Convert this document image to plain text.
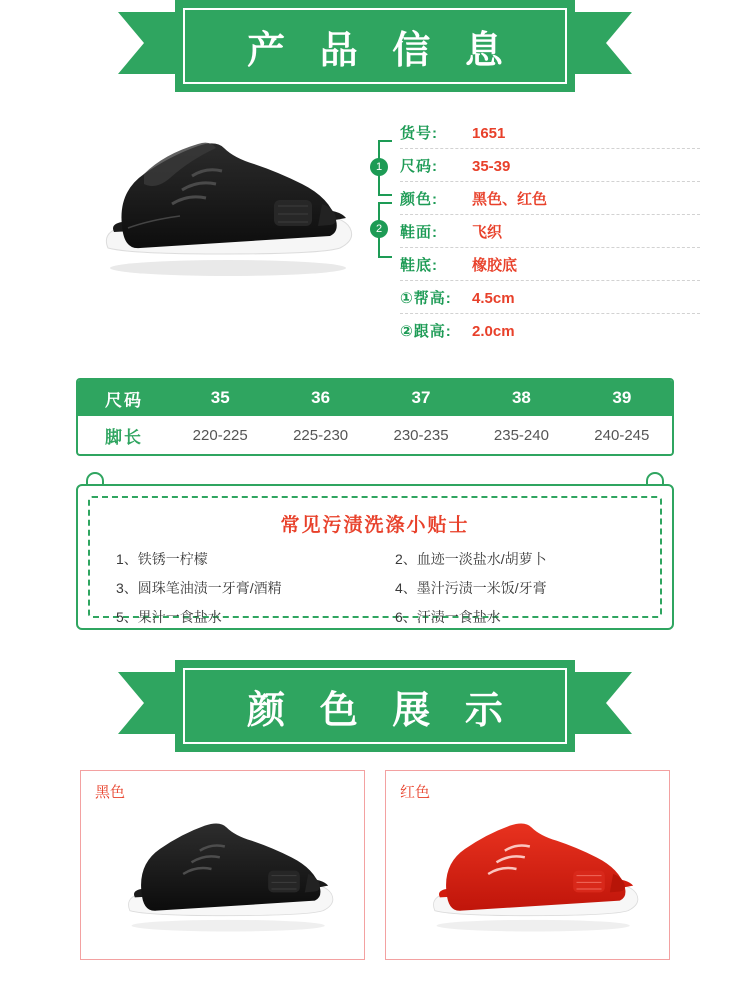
产 品 信 息
1
2
货号:	1651
尺码:	35-39
颜色:	黑色、红色
鞋面:	飞织
鞋底:	橡胶底
①帮高:	4.5cm
②跟高:	2.0cm
尺码	35	36	37	38	39
脚长	220-225	225-230	230-235	235-240	240-245
常见污渍洗涤小贴士
1、铁锈一柠檬	2、血迹一淡盐水/胡萝卜
3、圆珠笔油渍一牙膏/酒精	4、墨汁污渍一米饭/牙膏
5、果汁一食盐水	6、汗渍一食盐水
颜 色 展 示
黑色	红色
